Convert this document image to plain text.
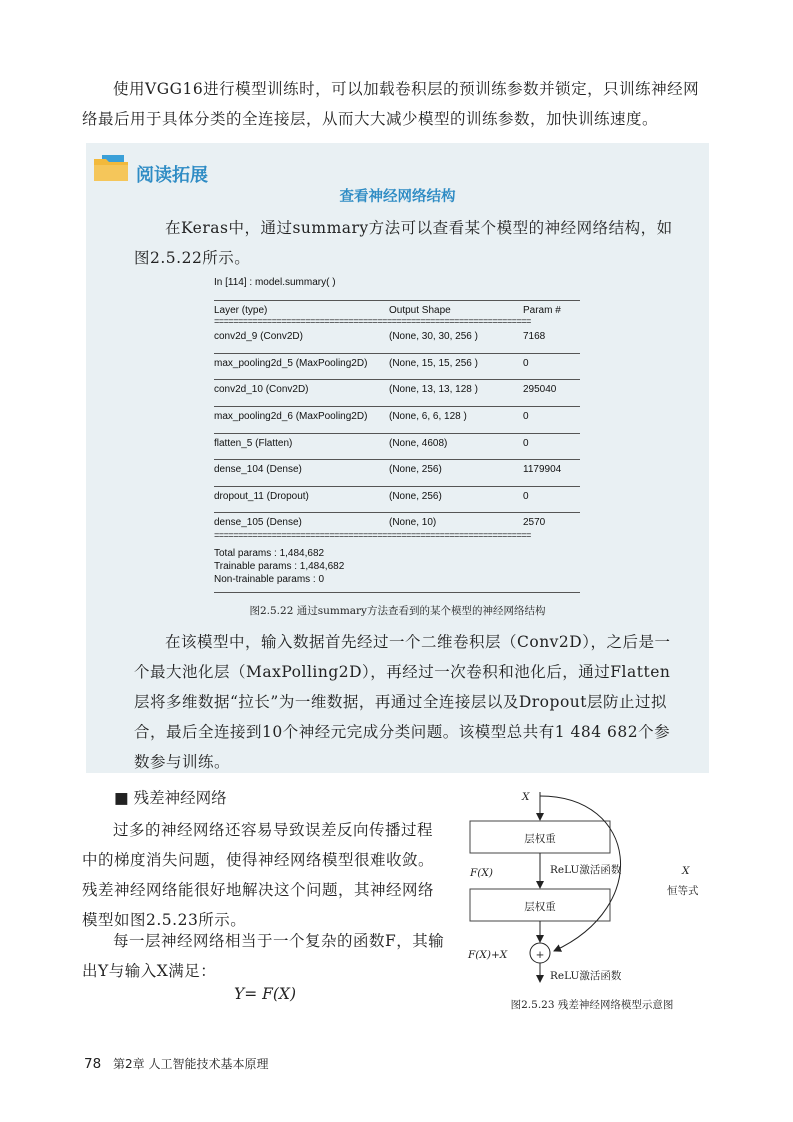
使用VGG16进行模型训练时，可以加载卷积层的预训练参数并锁定，只训练神经网络最后用于具体分类的全连接层，从而大大减少模型的训练参数，加快训练速度。
阅读拓展
查看神经网络结构
在Keras中，通过summary方法可以查看某个模型的神经网络结构，如图2.5.22所示。
In [114] : model.summary( )
Layer (type)	Output Shape	Param #
==================================================================
conv2d_9 (Conv2D)	(None, 30, 30, 256 )	7168
max_pooling2d_5 (MaxPooling2D) (None, 15, 15, 256 )	0
conv2d_10 (Conv2D)	(None, 13, 13, 128 )	295040
max_pooling2d_6 (MaxPooling2D) (None, 6, 6, 128 )	0
flatten_5 (Flatten)	(None, 4608)	0
dense_104 (Dense)	(None, 256)	1179904
dropout_11 (Dropout)	(None, 256)	0
dense_105 (Dense)	(None, 10)	2570
==================================================================
Total params : 1,484,682
Trainable params : 1,484,682
Non-trainable params : 0
图2.5.22 通过summary方法查看到的某个模型的神经网络结构
在该模型中，输入数据首先经过一个二维卷积层（Conv2D），之后是一个最大池化层（MaxPolling2D），再经过一次卷积和池化后，通过Flatten层将多维数据“拉长”为一维数据，再通过全连接层以及Dropout层防止过拟合，最后全连接到10个神经元完成分类问题。该模型总共有1 484 682个参数参与训练。
■ 残差神经网络
过多的神经网络还容易导致误差反向传播过程中的梯度消失问题，使得神经网络模型很难收敛。残差神经网络能很好地解决这个问题，其神经网络模型如图2.5.23所示。
每一层神经网络相当于一个复杂的函数F，其输出Y与输入X满足：
Y= F(X)
X
层权重
ReLU激活函数
F(X)
层权重
+
F(X)+X
ReLU激活函数
X
恒等式
图2.5.23 残差神经网络模型示意图
78 第2章 人工智能技术基本原理
